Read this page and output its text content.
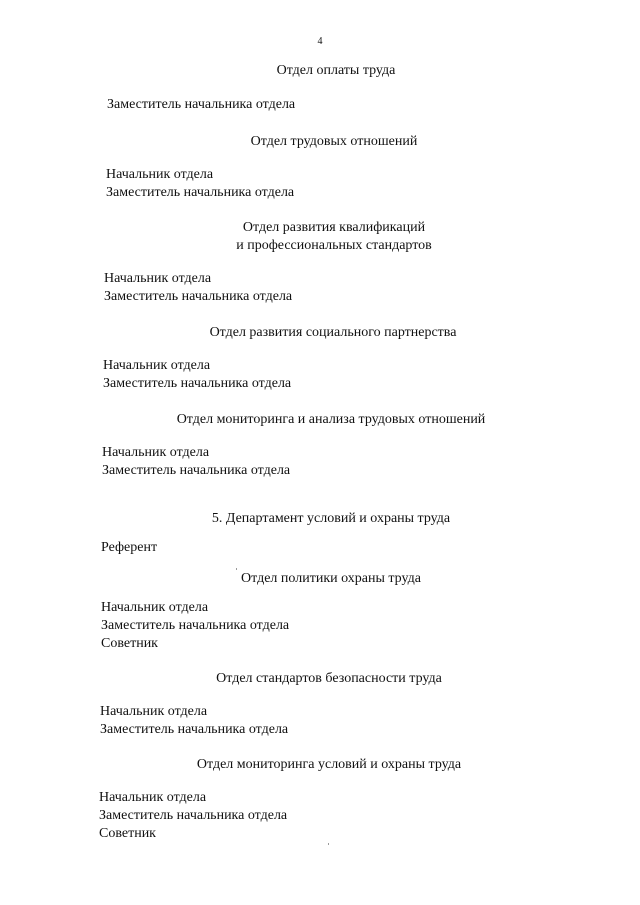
4
Отдел оплаты труда
Заместитель начальника отдела
Отдел трудовых отношений
Начальник отдела
Заместитель начальника отдела
Отдел развития квалификаций
и профессиональных стандартов
Начальник отдела
Заместитель начальника отдела
Отдел развития социального партнерства
Начальник отдела
Заместитель начальника отдела
Отдел мониторинга и анализа трудовых отношений
Начальник отдела
Заместитель начальника отдела
5. Департамент условий и охраны труда
Референт
Отдел политики охраны труда
Начальник отдела
Заместитель начальника отдела
Советник
Отдел стандартов безопасности труда
Начальник отдела
Заместитель начальника отдела
Отдел мониторинга условий и охраны труда
Начальник отдела
Заместитель начальника отдела
Советник
